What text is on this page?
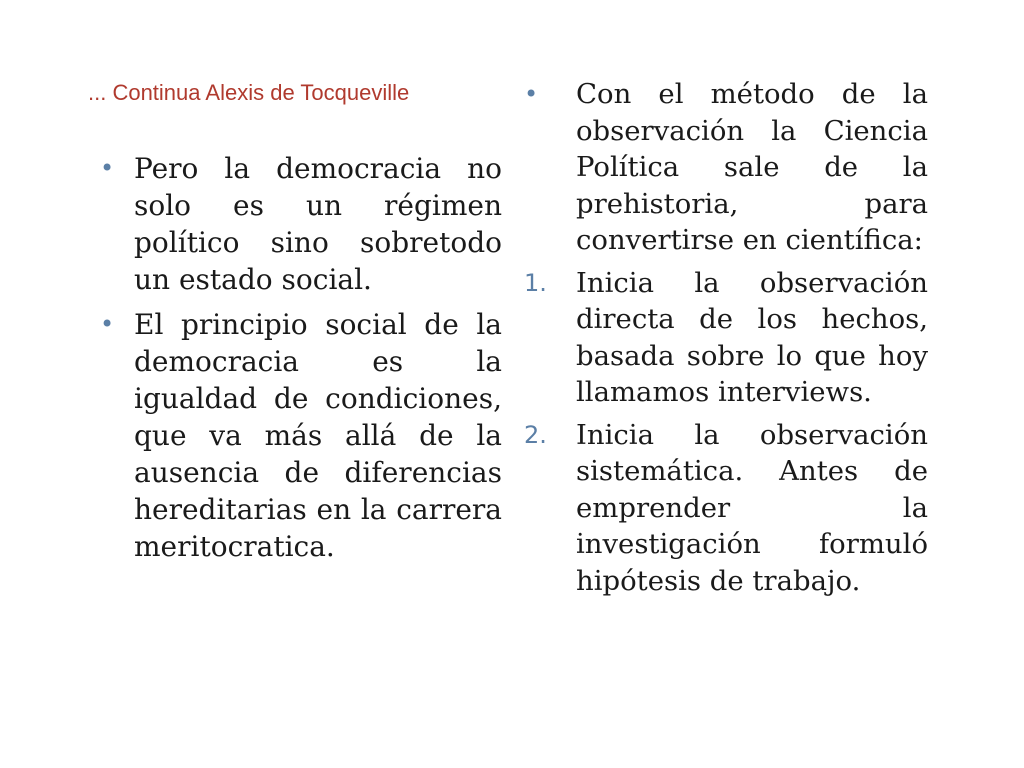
... Continua Alexis de Tocqueville
• Pero la democracia no solo es un régimen político sino sobretodo un estado social.
• El principio social de la democracia es la igualdad de condiciones, que va más allá de la ausencia de diferencias hereditarias en la carrera meritocratica.
• Con el método de la observación la Ciencia Política sale de la prehistoria, para convertirse en científica:
1. Inicia la observación directa de los hechos, basada sobre lo que hoy llamamos interviews.
2. Inicia la observación sistemática. Antes de emprender la investigación formuló hipótesis de trabajo.
